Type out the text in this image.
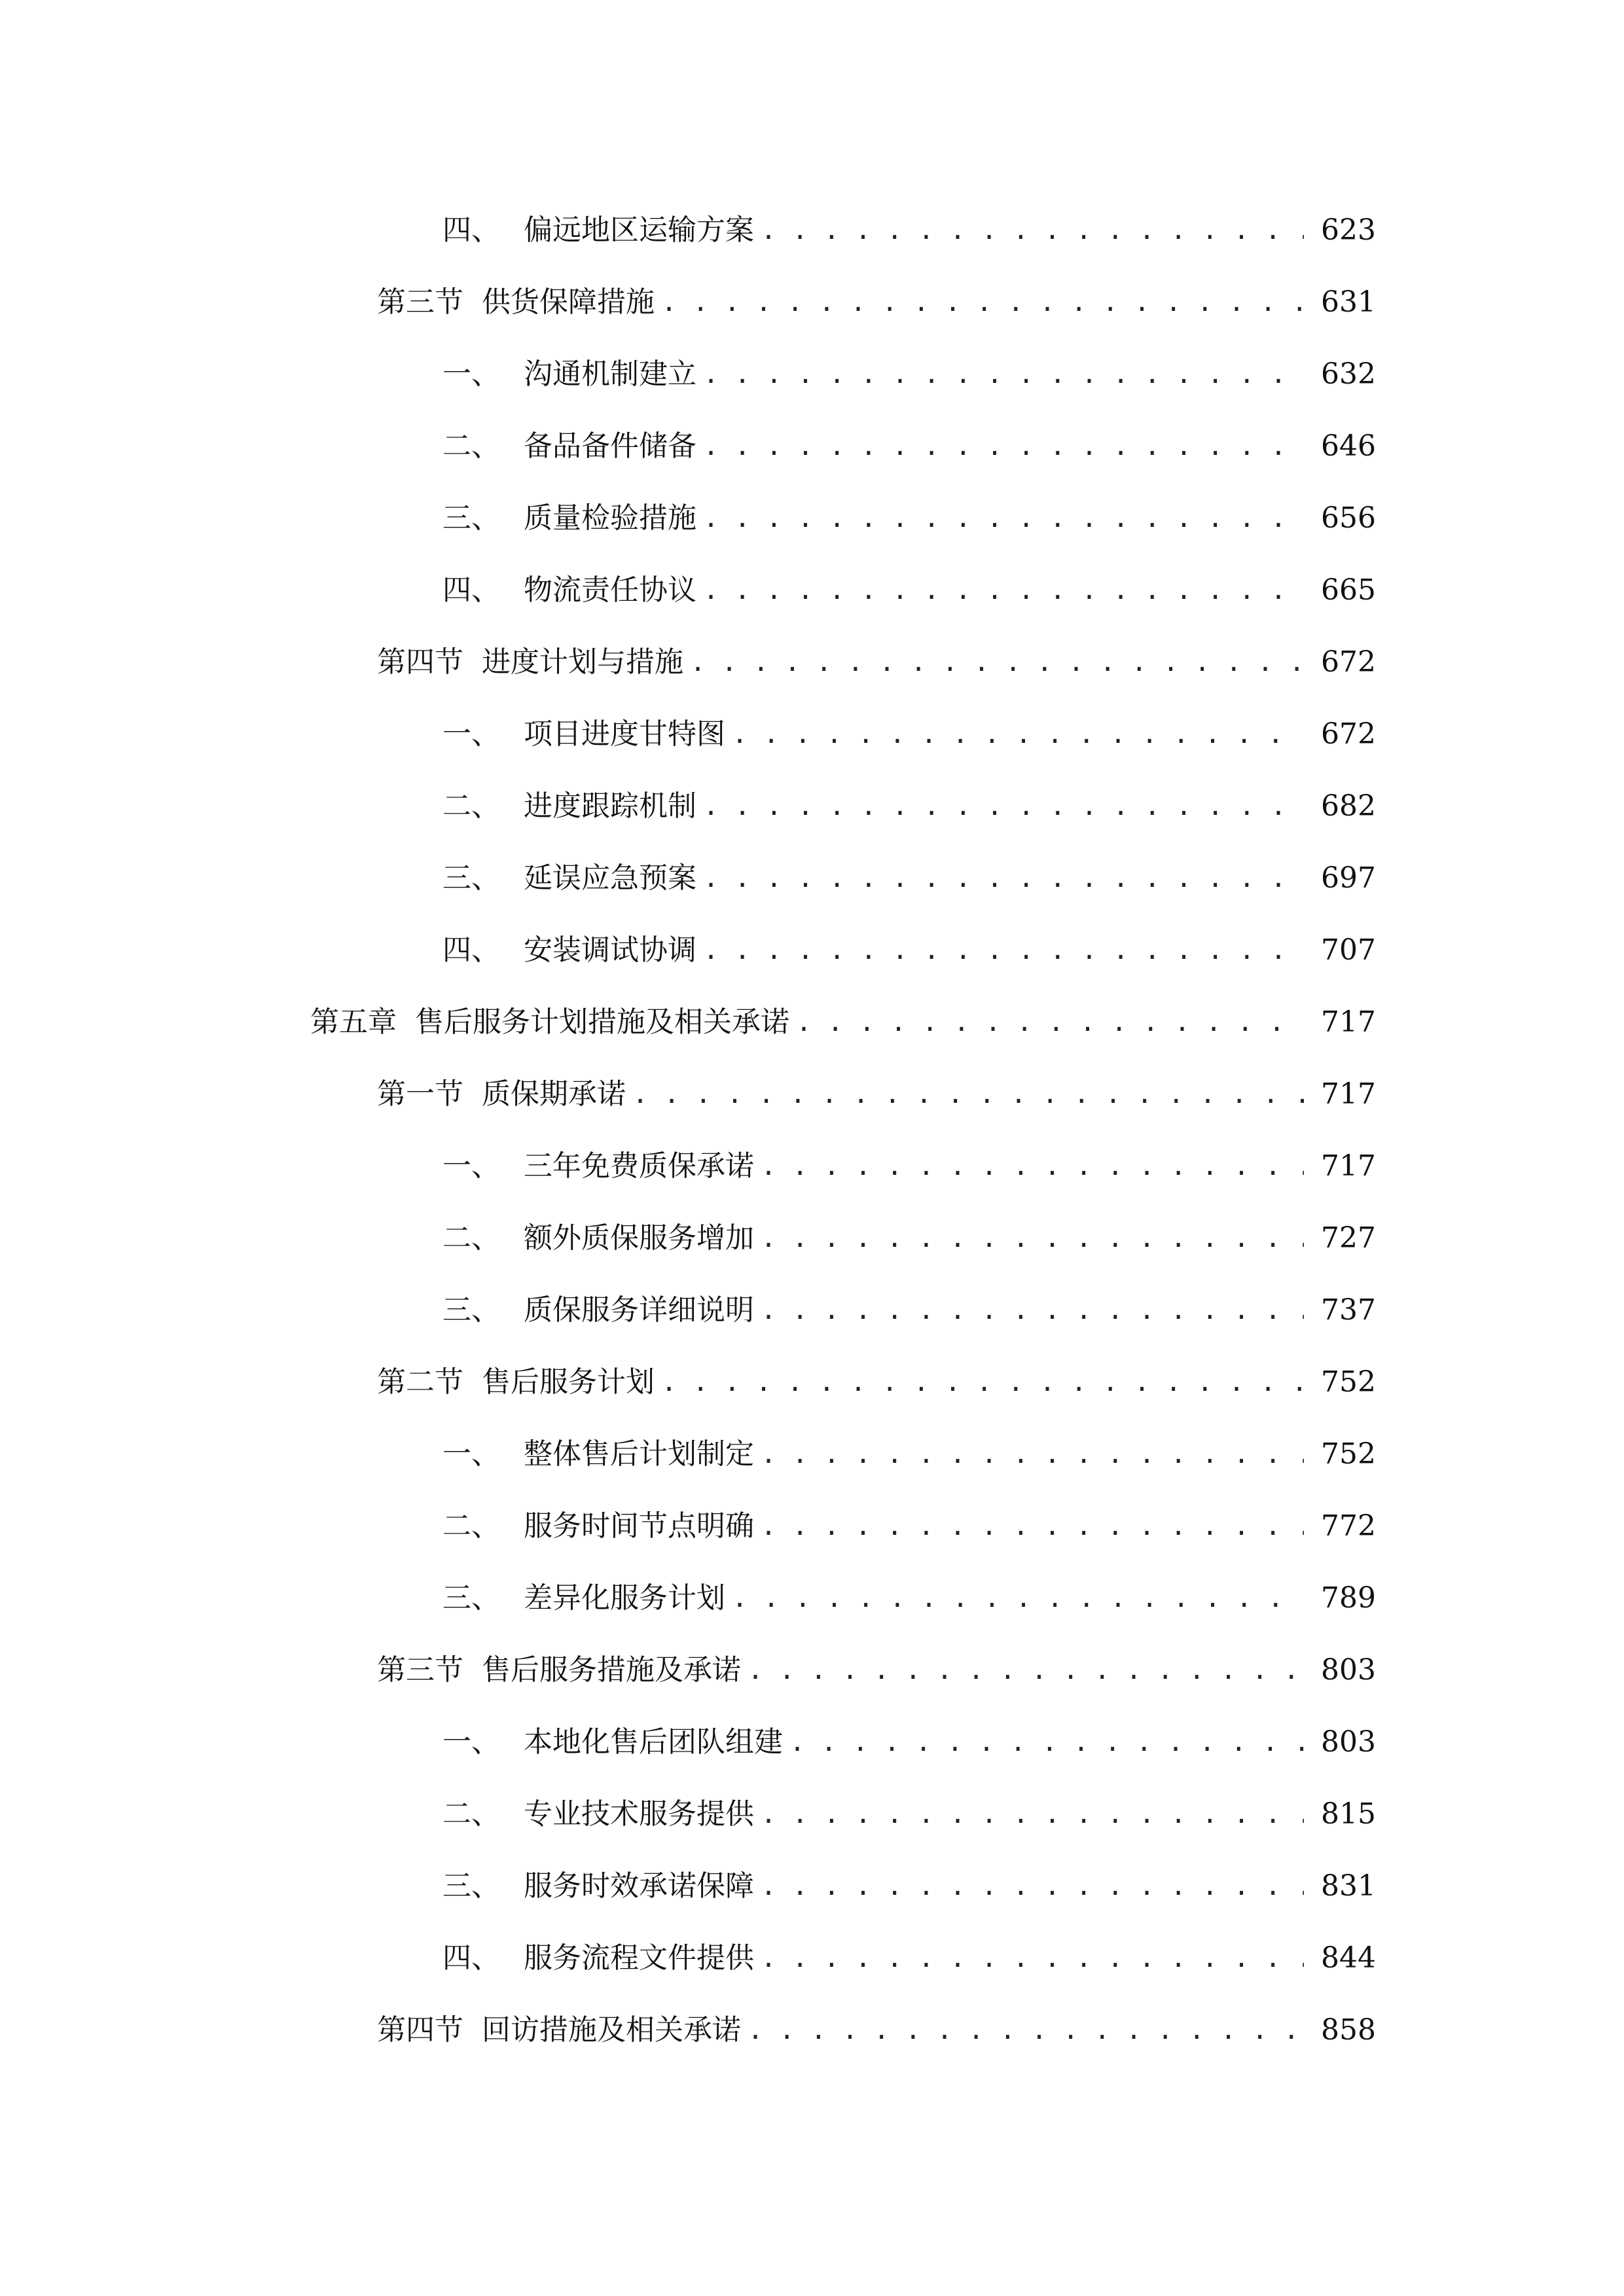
四、 偏远地区运输方案 . . .	623
第三节 供货保障措施 . . .	631
一、 沟通机制建立 . . .	632
二、 备品备件储备 . . .	646
三、 质量检验措施 . . .	656
四、 物流责任协议 . . .	665
第四节 进度计划与措施 . . .	672
一、 项目进度甘特图 . . .	672
二、 进度跟踪机制 . . .	682
三、 延误应急预案 . . .	697
四、 安装调试协调 . . .	707
第五章 售后服务计划措施及相关承诺 . . .	717
第一节 质保期承诺 . . .	717
一、 三年免费质保承诺 . . .	717
二、 额外质保服务增加 . . .	727
三、 质保服务详细说明 . . .	737
第二节 售后服务计划 . . .	752
一、 整体售后计划制定 . . .	752
二、 服务时间节点明确 . . .	772
三、 差异化服务计划 . . .	789
第三节 售后服务措施及承诺 . . .	803
一、 本地化售后团队组建 . . .	803
二、 专业技术服务提供 . . .	815
三、 服务时效承诺保障 . . .	831
四、 服务流程文件提供 . . .	844
第四节 回访措施及相关承诺 . . .	858
